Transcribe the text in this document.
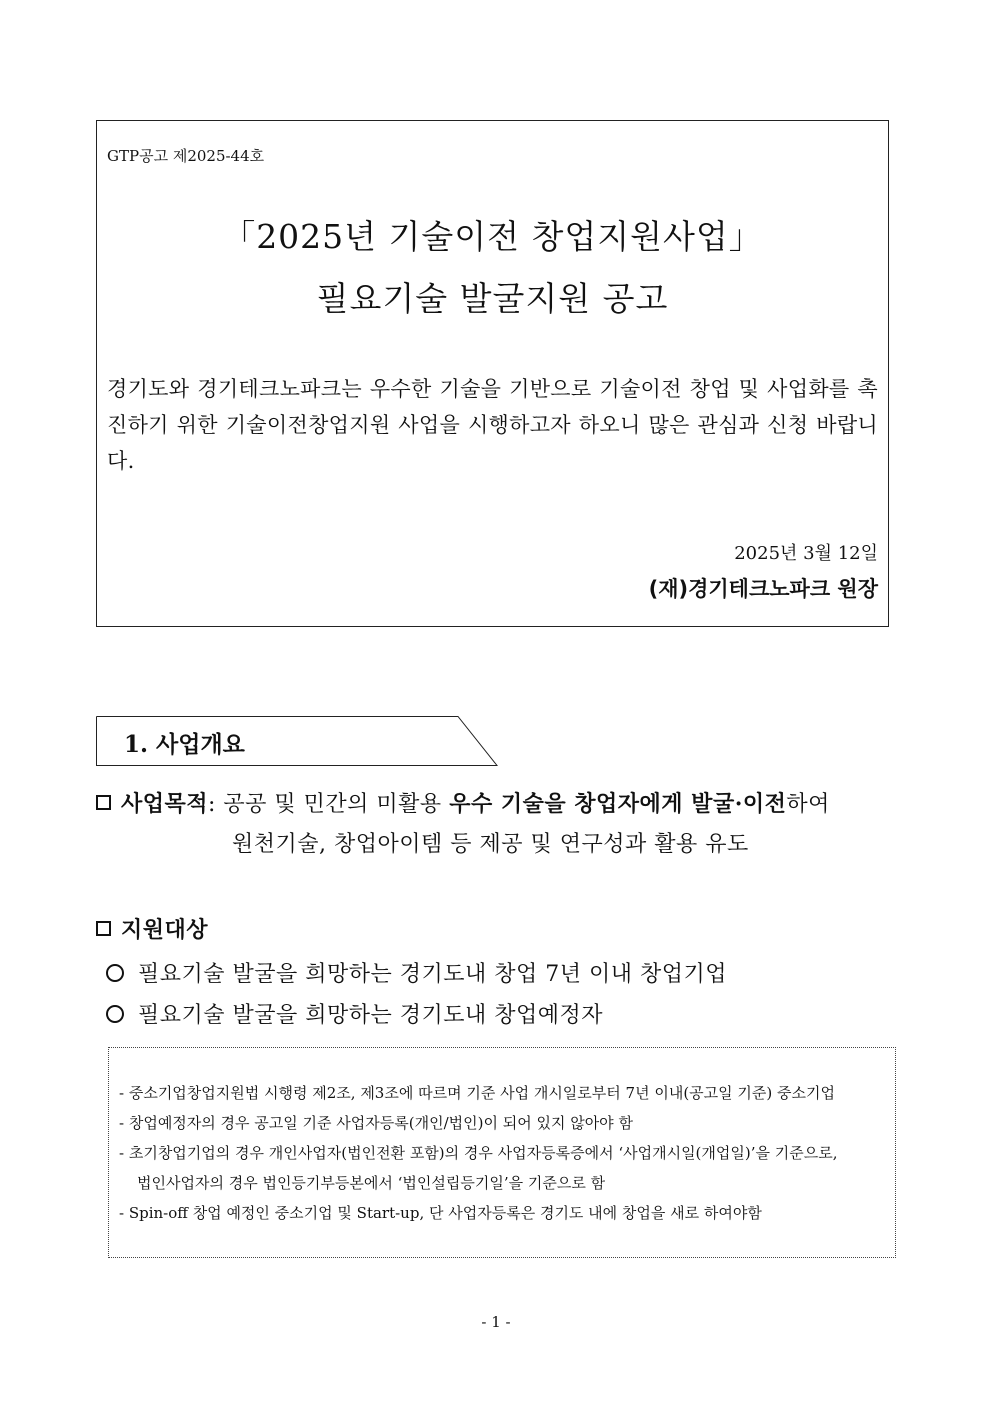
GTP공고 제2025-44호
「2025년 기술이전 창업지원사업」
필요기술 발굴지원 공고
경기도와 경기테크노파크는 우수한 기술을 기반으로 기술이전 창업 및 사업화를 촉진하기 위한 기술이전창업지원 사업을 시행하고자 하오니 많은 관심과 신청 바랍니다.
2025년 3월 12일
(재)경기테크노파크 원장
1. 사업개요
사업목적: 공공 및 민간의 미활용 우수 기술을 창업자에게 발굴·이전하여
원천기술, 창업아이템 등 제공 및 연구성과 활용 유도
지원대상
필요기술 발굴을 희망하는 경기도내 창업 7년 이내 창업기업
필요기술 발굴을 희망하는 경기도내 창업예정자
- 중소기업창업지원법 시행령 제2조, 제3조에 따르며 기준 사업 개시일로부터 7년 이내(공고일 기준) 중소기업
- 창업예정자의 경우 공고일 기준 사업자등록(개인/법인)이 되어 있지 않아야 함
- 초기창업기업의 경우 개인사업자(법인전환 포함)의 경우 사업자등록증에서 ‘사업개시일(개업일)’을 기준으로,
법인사업자의 경우 법인등기부등본에서 ‘법인설립등기일’을 기준으로 함
- Spin-off 창업 예정인 중소기업 및 Start-up, 단 사업자등록은 경기도 내에 창업을 새로 하여야함
- 1 -
